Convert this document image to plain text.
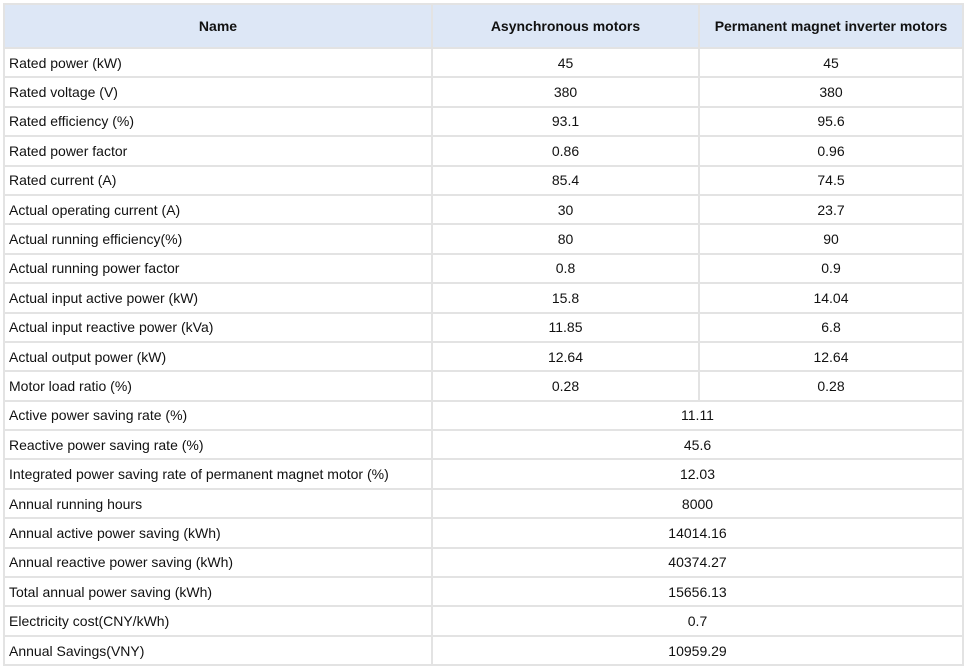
Name	Asynchronous motors	Permanent magnet inverter motors
Rated power (kW)	45	45
Rated voltage (V)	380	380
Rated efficiency (%)	93.1	95.6
Rated power factor	0.86	0.96
Rated current (A)	85.4	74.5
Actual operating current (A)	30	23.7
Actual running efficiency(%)	80	90
Actual running power factor	0.8	0.9
Actual input active power (kW)	15.8	14.04
Actual input reactive power (kVa)	11.85	6.8
Actual output power (kW)	12.64	12.64
Motor load ratio (%)	0.28	0.28
Active power saving rate (%)	11.11	
Reactive power saving rate (%)	45.6	
Integrated power saving rate of permanent magnet motor (%)	12.03	
Annual running hours	8000	
Annual active power saving (kWh)	14014.16	
Annual reactive power saving (kWh)	40374.27	
Total annual power saving (kWh)	15656.13	
Electricity cost(CNY/kWh)	0.7	
Annual Savings(VNY)	10959.29	
